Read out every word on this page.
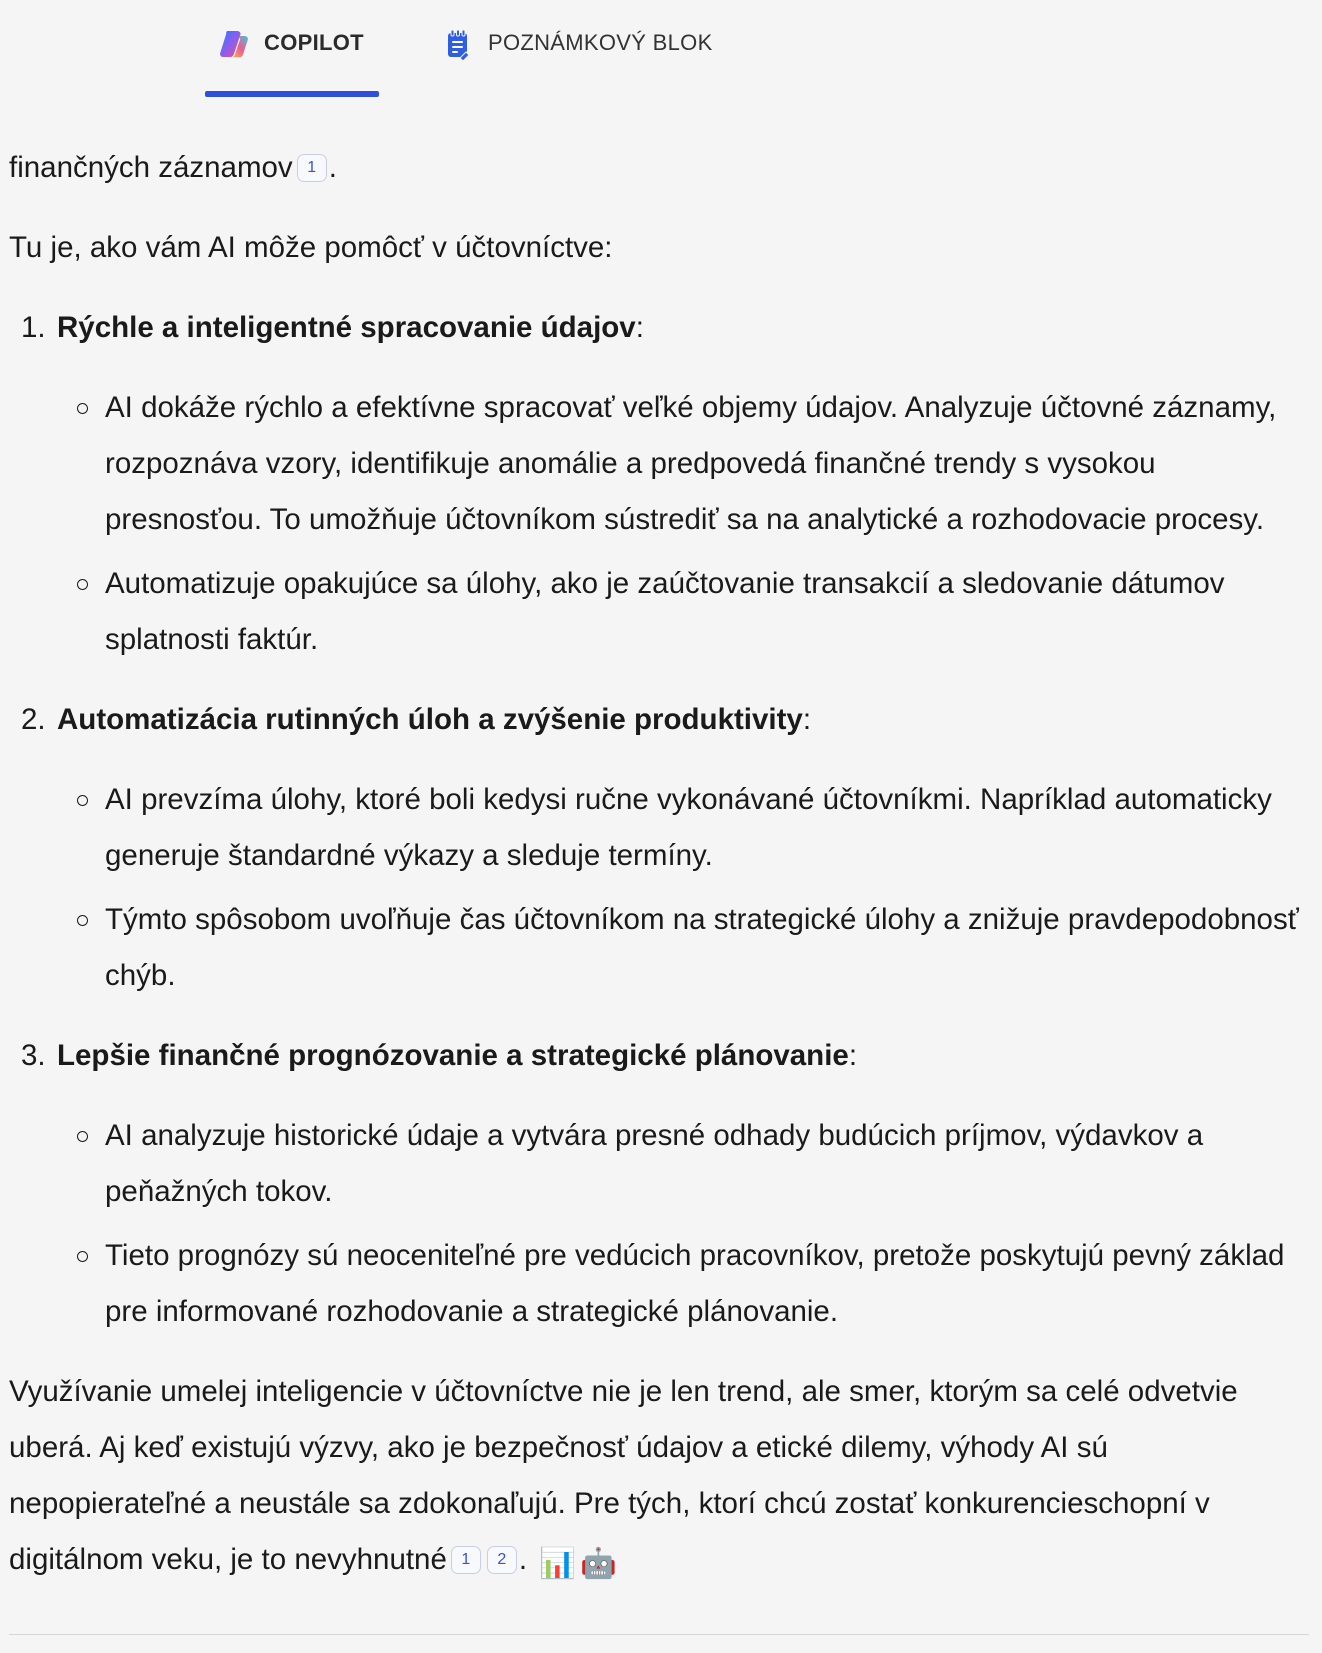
COPILOT	POZNÁMKOVÝ BLOK

finančných záznamov 1 .

Tu je, ako vám AI môže pomôcť v účtovníctve:

1. Rýchle a inteligentné spracovanie údajov:
AI dokáže rýchlo a efektívne spracovať veľké objemy údajov. Analyzuje účtovné záznamy, rozpoznáva vzory, identifikuje anomálie a predpovedá finančné trendy s vysokou presnosťou. To umožňuje účtovníkom sústrediť sa na analytické a rozhodovacie procesy.
Automatizuje opakujúce sa úlohy, ako je zaúčtovanie transakcií a sledovanie dátumov splatnosti faktúr.
2. Automatizácia rutinných úloh a zvýšenie produktivity:
AI prevzíma úlohy, ktoré boli kedysi ručne vykonávané účtovníkmi. Napríklad automaticky generuje štandardné výkazy a sleduje termíny.
Týmto spôsobom uvoľňuje čas účtovníkom na strategické úlohy a znižuje pravdepodobnosť chýb.
3. Lepšie finančné prognózovanie a strategické plánovanie:
AI analyzuje historické údaje a vytvára presné odhady budúcich príjmov, výdavkov a peňažných tokov.
Tieto prognózy sú neoceniteľné pre vedúcich pracovníkov, pretože poskytujú pevný základ pre informované rozhodovanie a strategické plánovanie.

Využívanie umelej inteligencie v účtovníctve nie je len trend, ale smer, ktorým sa celé odvetvie uberá. Aj keď existujú výzvy, ako je bezpečnosť údajov a etické dilemy, výhody AI sú nepopierateľné a neustále sa zdokonaľujú. Pre tých, ktorí chcú zostať konkurencieschopní v digitálnom veku, je to nevyhnutné 1 2 . 📊 🤖
